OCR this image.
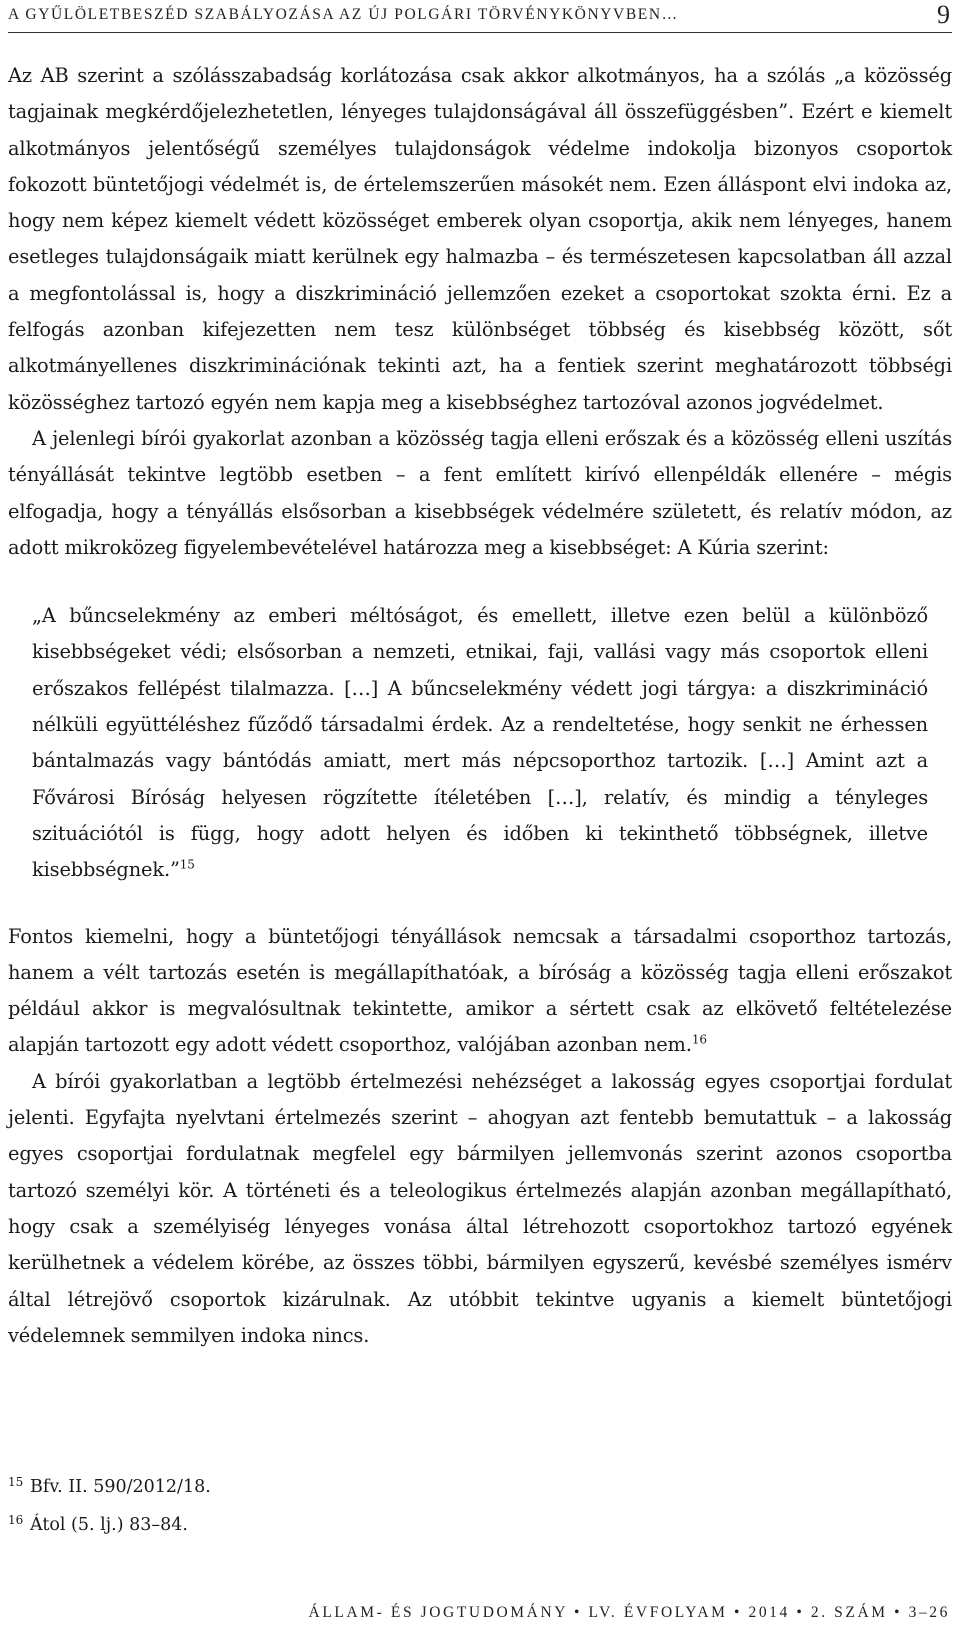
A GYŰLÖLETBESZÉD SZABÁLYOZÁSA AZ ÚJ POLGÁRI TÖRVÉNYKÖNYVBEN…	9

Az AB szerint a szólásszabadság korlátozása csak akkor alkotmányos, ha a szólás „a közösség tagjainak megkérdőjelezhetetlen, lényeges tulajdonságával áll összefüggésben”. Ezért e kiemelt alkotmányos jelentőségű személyes tulajdonságok védelme indokolja bizonyos csoportok fokozott büntetőjogi védelmét is, de értelemszerűen másokét nem. Ezen álláspont elvi indoka az, hogy nem képez kiemelt védett közösséget emberek olyan csoportja, akik nem lényeges, hanem esetleges tulajdonságaik miatt kerülnek egy halmazba – és természetesen kapcsolatban áll azzal a megfontolással is, hogy a diszkrimináció jellemzően ezeket a csoportokat szokta érni. Ez a felfogás azonban kifejezetten nem tesz különbséget többség és kisebbség között, sőt alkotmányellenes diszkriminációnak tekinti azt, ha a fentiek szerint meghatározott többségi közösséghez tartozó egyén nem kapja meg a kisebbséghez tartozóval azonos jogvédelmet.

A jelenlegi bírói gyakorlat azonban a közösség tagja elleni erőszak és a közösség elleni uszítás tényállását tekintve legtöbb esetben – a fent említett kirívó ellenpéldák ellenére – mégis elfogadja, hogy a tényállás elsősorban a kisebbségek védelmére született, és relatív módon, az adott mikroközeg figyelembevételével határozza meg a kisebbséget: A Kúria szerint:

„A bűncselekmény az emberi méltóságot, és emellett, illetve ezen belül a különböző kisebbségeket védi; elsősorban a nemzeti, etnikai, faji, vallási vagy más csoportok elleni erőszakos fellépést tilalmazza. […] A bűncselekmény védett jogi tárgya: a diszkrimináció nélküli együttéléshez fűződő társadalmi érdek. Az a rendeltetése, hogy senkit ne érhessen bántalmazás vagy bántódás amiatt, mert más népcsoporthoz tartozik. […] Amint azt a Fővárosi Bíróság helyesen rögzítette ítéletében […], relatív, és mindig a tényleges szituációtól is függ, hogy adott helyen és időben ki tekinthető többségnek, illetve kisebbségnek.”$^{15}$

Fontos kiemelni, hogy a büntetőjogi tényállások nemcsak a társadalmi csoporthoz tartozás, hanem a vélt tartozás esetén is megállapíthatóak, a bíróság a közösség tagja elleni erőszakot például akkor is megvalósultnak tekintette, amikor a sértett csak az elkövető feltételezése alapján tartozott egy adott védett csoporthoz, valójában azonban nem.$^{16}$

A bírói gyakorlatban a legtöbb értelmezési nehézséget a lakosság egyes csoportjai fordulat jelenti. Egyfajta nyelvtani értelmezés szerint – ahogyan azt fentebb bemutattuk – a lakosság egyes csoportjai fordulatnak megfelel egy bármilyen jellemvonás szerint azonos csoportba tartozó személyi kör. A történeti és a teleologikus értelmezés alapján azonban megállapítható, hogy csak a személyiség lényeges vonása által létrehozott csoportokhoz tartozó egyének kerülhetnek a védelem körébe, az összes többi, bármilyen egyszerű, kevésbé személyes ismérv által létrejövő csoportok kizárulnak. Az utóbbit tekintve ugyanis a kiemelt büntetőjogi védelemnek semmilyen indoka nincs.

15 Bfv. II. 590/2012/18.
16 Átol (5. lj.) 83–84.
ÁLLAM- ÉS JOGTUDOMÁNY • LV. ÉVFOLYAM • 2014 • 2. SZÁM • 3–26
